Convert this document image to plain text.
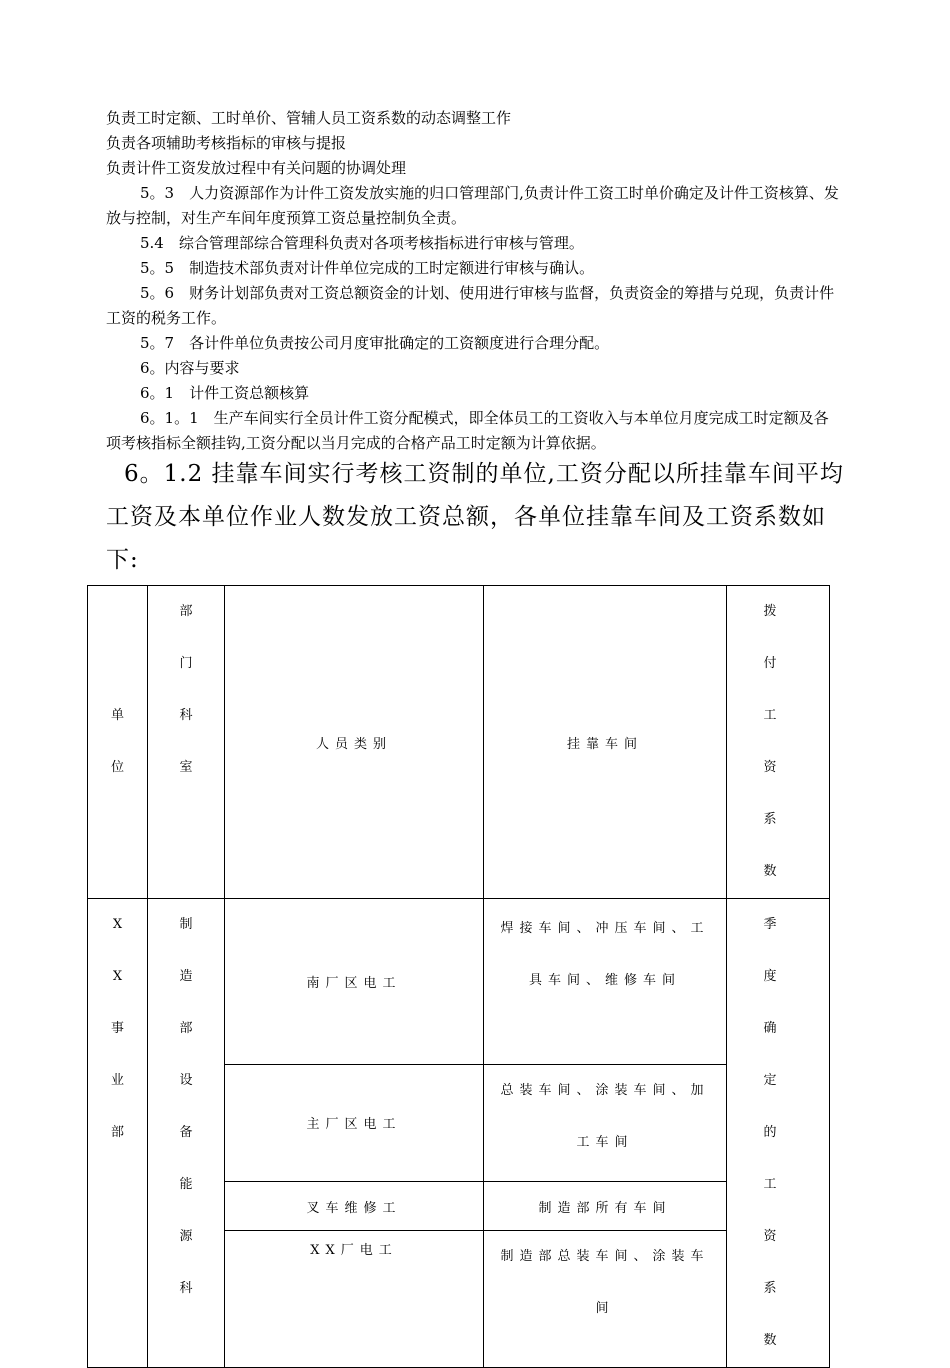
负责工时定额、工时单价、管辅人员工资系数的动态调整工作
负责各项辅助考核指标的审核与提报
负责计件工资发放过程中有关问题的协调处理
5。3　人力资源部作为计件工资发放实施的归口管理部门,负责计件工资工时单价确定及计件工资核算、发放与控制，对生产车间年度预算工资总量控制负全责。
5.4　综合管理部综合管理科负责对各项考核指标进行审核与管理。
5。5　制造技术部负责对计件单位完成的工时定额进行审核与确认。
5。6　财务计划部负责对工资总额资金的计划、使用进行审核与监督，负责资金的筹措与兑现，负责计件工资的税务工作。
5。7　各计件单位负责按公司月度审批确定的工资额度进行合理分配。
6。内容与要求
6。1　计件工资总额核算
6。1。1　生产车间实行全员计件工资分配模式，即全体员工的工资收入与本单位月度完成工时定额及各项考核指标全额挂钩,工资分配以当月完成的合格产品工时定额为计算依据。
6。1.2 挂靠车间实行考核工资制的单位,工资分配以所挂靠车间平均工资及本单位作业人数发放工资总额，各单位挂靠车间及工资系数如下:
单位	部门科室	人员类别	挂靠车间	拨付工资系数

XX事业部	制造部设备能源科	南厂区电工	焊接车间、冲压车间、工具车间、维修车间	季度确定的工资系数

		主厂区电工	总装车间、涂装车间、加工车间	
		叉车维修工	制造部所有车间	
		XX厂电工	制造部总装车间、涂装车间	
